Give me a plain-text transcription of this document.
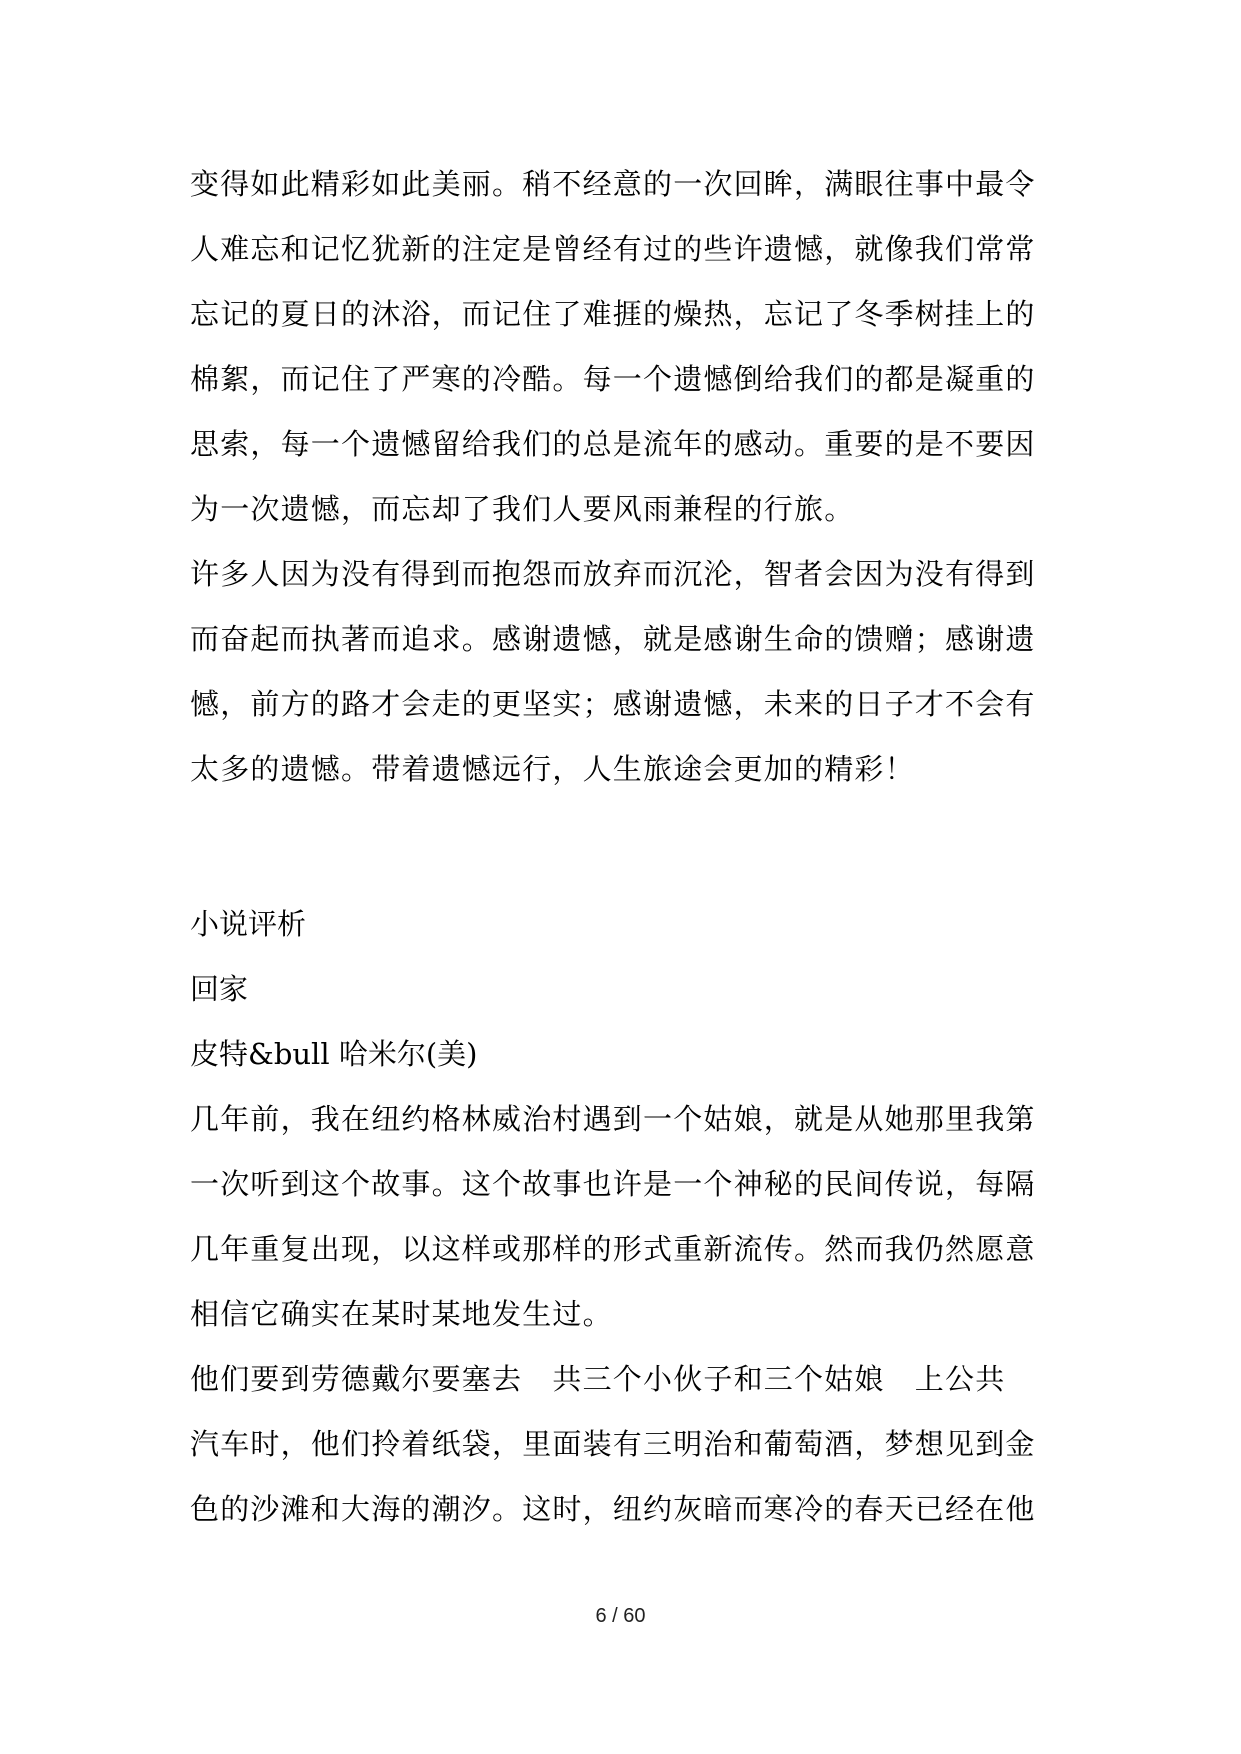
变得如此精彩如此美丽。稍不经意的一次回眸，满眼往事中最令
人难忘和记忆犹新的注定是曾经有过的些许遗憾，就像我们常常
忘记的夏日的沐浴，而记住了难捱的燥热，忘记了冬季树挂上的
棉絮，而记住了严寒的冷酷。每一个遗憾倒给我们的都是凝重的
思索，每一个遗憾留给我们的总是流年的感动。重要的是不要因
为一次遗憾，而忘却了我们人要风雨兼程的行旅。
许多人因为没有得到而抱怨而放弃而沉沦，智者会因为没有得到
而奋起而执著而追求。感谢遗憾，就是感谢生命的馈赠；感谢遗
憾，前方的路才会走的更坚实；感谢遗憾，未来的日子才不会有
太多的遗憾。带着遗憾远行，人生旅途会更加的精彩！
小说评析
回家
皮特&bull 哈米尔(美)
几年前，我在纽约格林威治村遇到一个姑娘，就是从她那里我第
一次听到这个故事。这个故事也许是一个神秘的民间传说，每隔
几年重复出现，以这样或那样的形式重新流传。然而我仍然愿意
相信它确实在某时某地发生过。
他们要到劳德戴尔要塞去　共三个小伙子和三个姑娘　上公共
汽车时，他们拎着纸袋，里面装有三明治和葡萄酒，梦想见到金
色的沙滩和大海的潮汐。这时，纽约灰暗而寒冷的春天已经在他
6 / 60
